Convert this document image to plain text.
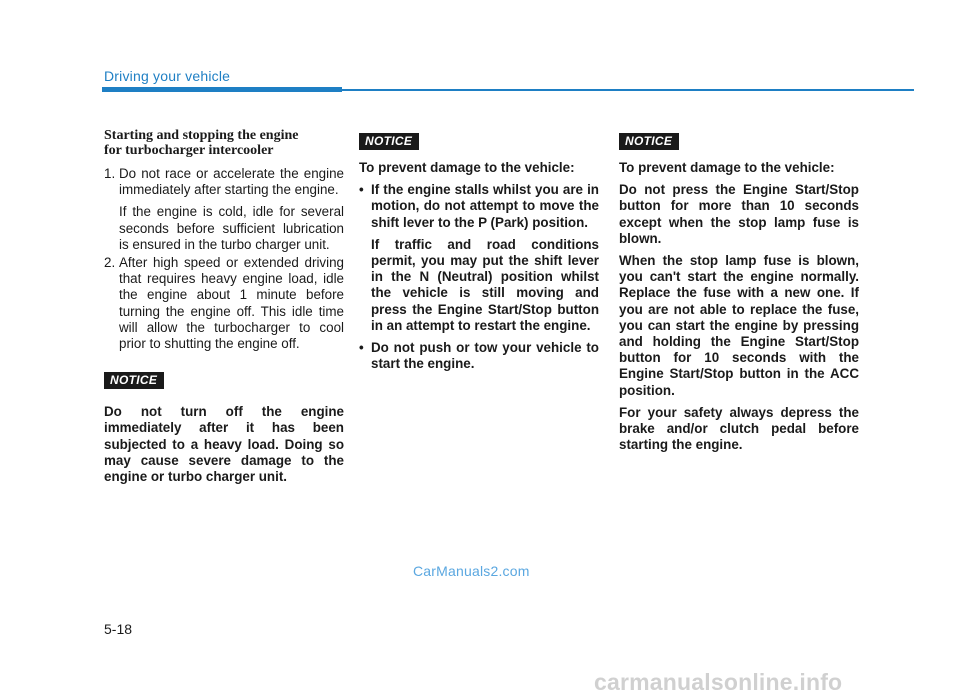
Driving your vehicle
Starting and stopping the engine
for turbocharger intercooler
1. Do not race or accelerate the engine immediately after starting the engine.

If the engine is cold, idle for several seconds before sufficient lubrication is ensured in the turbo charger unit.

2. After high speed or extended driving that requires heavy engine load, idle the engine about 1 minute before turning the engine off. This idle time will allow the turbocharger to cool prior to shutting the engine off.

NOTICE

Do not turn off the engine immediately after it has been subjected to a heavy load. Doing so may cause severe damage to the engine or turbo charger unit.

NOTICE

To prevent damage to the vehicle:

• If the engine stalls whilst you are in motion, do not attempt to move the shift lever to the P (Park) position.

If traffic and road conditions permit, you may put the shift lever in the N (Neutral) position whilst the vehicle is still moving and press the Engine Start/Stop button in an attempt to restart the engine.

• Do not push or tow your vehicle to start the engine.
NOTICE

To prevent damage to the vehicle:

Do not press the Engine Start/Stop button for more than 10 seconds except when the stop lamp fuse is blown.

When the stop lamp fuse is blown, you can't start the engine normally. Replace the fuse with a new one. If you are not able to replace the fuse, you can start the engine by pressing and holding the Engine Start/Stop button for 10 seconds with the Engine Start/Stop button in the ACC position.

For your safety always depress the brake and/or clutch pedal before starting the engine.

CarManuals2.com
5-18
carmanualsonline.info
